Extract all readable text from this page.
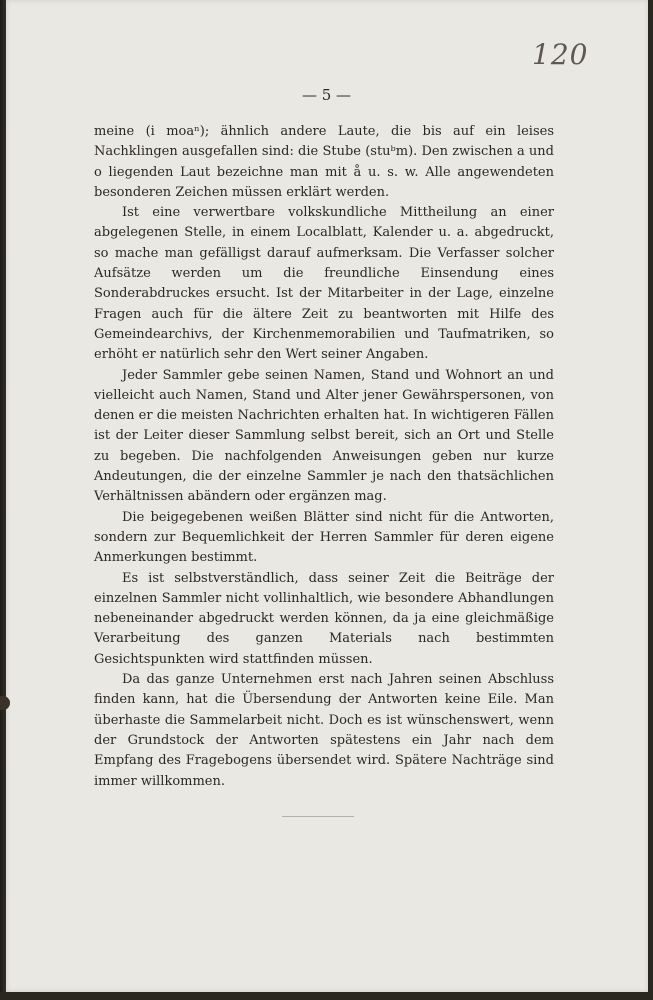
120
— 5 —

meine (i moaⁿ); ähnlich andere Laute, die bis auf ein leises Nachklingen ausgefallen sind: die Stube (stuᵇm). Den zwischen a und o liegenden Laut bezeichne man mit å u. s. w. Alle angewendeten besonderen Zeichen müssen erklärt werden.

Ist eine verwertbare volkskundliche Mittheilung an einer abgelegenen Stelle, in einem Localblatt, Kalender u. a. abgedruckt, so mache man gefälligst darauf aufmerksam. Die Verfasser solcher Aufsätze werden um die freundliche Einsendung eines Sonderabdruckes ersucht. Ist der Mitarbeiter in der Lage, einzelne Fragen auch für die ältere Zeit zu beantworten mit Hilfe des Gemeindearchivs, der Kirchenmemorabilien und Taufmatriken, so erhöht er natürlich sehr den Wert seiner Angaben.

Jeder Sammler gebe seinen Namen, Stand und Wohnort an und vielleicht auch Namen, Stand und Alter jener Gewährspersonen, von denen er die meisten Nachrichten erhalten hat. In wichtigeren Fällen ist der Leiter dieser Sammlung selbst bereit, sich an Ort und Stelle zu begeben. Die nachfolgenden Anweisungen geben nur kurze Andeutungen, die der einzelne Sammler je nach den thatsächlichen Verhältnissen abändern oder ergänzen mag.

Die beigegebenen weißen Blätter sind nicht für die Antworten, sondern zur Bequemlichkeit der Herren Sammler für deren eigene Anmerkungen bestimmt.

Es ist selbstverständlich, dass seiner Zeit die Beiträge der einzelnen Sammler nicht vollinhaltlich, wie besondere Abhandlungen nebeneinander abgedruckt werden können, da ja eine gleichmäßige Verarbeitung des ganzen Materials nach bestimmten Gesichtspunkten wird stattfinden müssen.

Da das ganze Unternehmen erst nach Jahren seinen Abschluss finden kann, hat die Übersendung der Antworten keine Eile. Man überhaste die Sammelarbeit nicht. Doch es ist wünschenswert, wenn der Grundstock der Antworten spätestens ein Jahr nach dem Empfang des Fragebogens übersendet wird. Spätere Nachträge sind immer willkommen.
